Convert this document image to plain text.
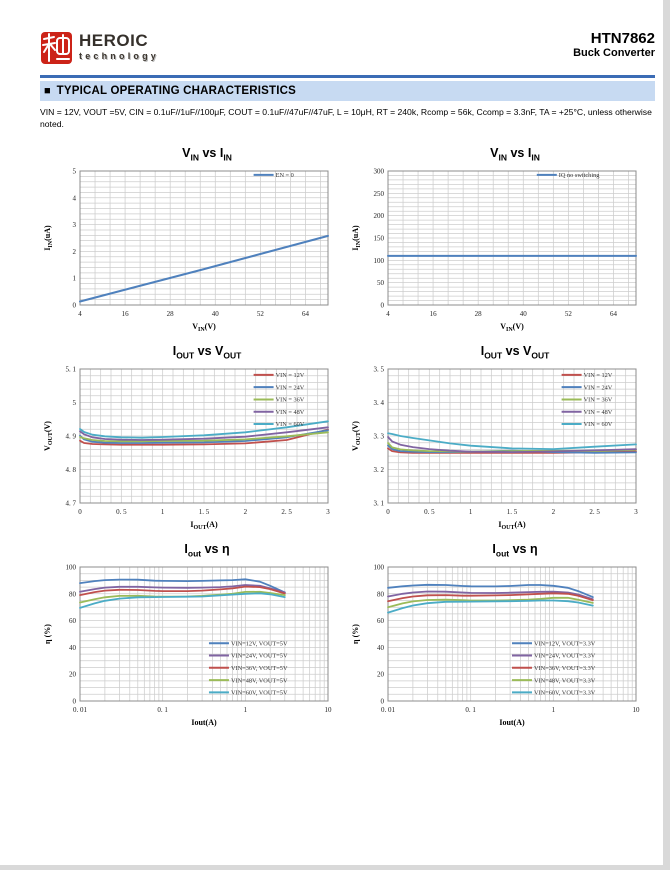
HEROIC
technology
HTN7862
Buck Converter
■ TYPICAL OPERATING CHARACTERISTICS

VIN = 12V, VOUT =5V, CIN = 0.1uF//1uF//100μF, COUT = 0.1uF//47uF//47uF, L = 10μH, RT = 240k, Rcomp = 56k, Ccomp = 3.3nF, TA = +25°C, unless otherwise noted.

$V_{IN}$ vs $I_{IN}$
4	16	28	40	52	64
0
1
2
3
4
5
$V_{IN}(V)$
$I_{IN}(uA)$
EN = 0
$V_{IN}$ vs $I_{IN}$
4	16	28	40	52	64
0
50
100
150
200
250
300
$V_{IN}(V)$
$I_{IN}(uA)$
IQ no switching
$I_{OUT}$ vs $V_{OUT}$
0	0. 5	1	1. 5	2	2. 5	3
4. 7
4. 8
4. 9
5
5. 1
$I_{OUT}(A)$
$V_{OUT}(V)$
VIN = 12V
VIN = 24V
VIN = 36V
VIN = 48V
VIN = 60V
$I_{OUT}$ vs $V_{OUT}$
0	0. 5	1	1. 5	2	2. 5	3
3. 1
3. 2
3. 3
3. 4
3. 5
$I_{OUT}(A)$
$V_{OUT}(V)$
VIN = 12V
VIN = 24V
VIN = 36V
VIN = 48V
VIN = 60V
$I_{out}$ vs η
0. 01	0. 1	1	10
0
20
40
60
80
100
Iout(A)
η (%)	VIN=12V, VOUT=5V
VIN=24V, VOUT=5V
VIN=36V, VOUT=5V
VIN=48V, VOUT=5V
VIN=60V, VOUT=5V
$I_{out}$ vs η
0. 01	0. 1	1	10
0
20
40
60
80
100
Iout(A)
η (%)	VIN=12V, VOUT=3.3V
VIN=24V, VOUT=3.3V
VIN=36V, VOUT=3.3V
VIN=48V, VOUT=3.3V
VIN=60V, VOUT=3.3V
